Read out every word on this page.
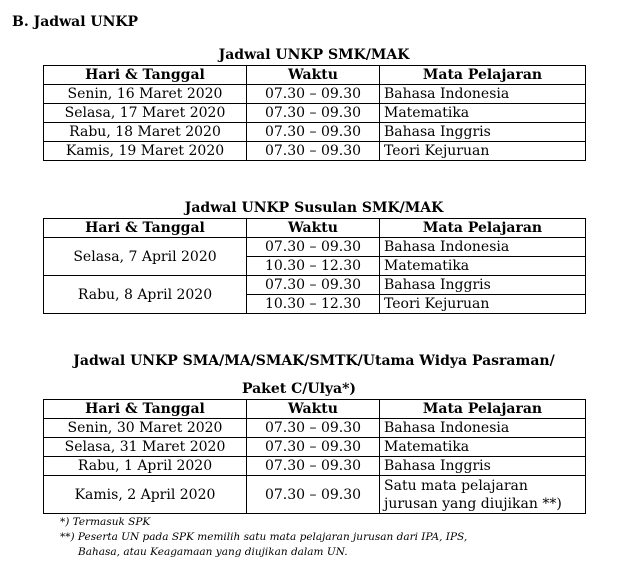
B. Jadwal UNKP
Jadwal UNKP SMK/MAK
Hari & Tanggal	Waktu	Mata Pelajaran
Senin, 16 Maret 2020	07.30 – 09.30	Bahasa Indonesia
Selasa, 17 Maret 2020	07.30 – 09.30	Matematika
Rabu, 18 Maret 2020	07.30 – 09.30	Bahasa Inggris
Kamis, 19 Maret 2020	07.30 – 09.30	Teori Kejuruan
Jadwal UNKP Susulan SMK/MAK
Hari & Tanggal	Waktu	Mata Pelajaran
Selasa, 7 April 2020	07.30 – 09.30	Bahasa Indonesia
	10.30 – 12.30	Matematika
Rabu, 8 April 2020	07.30 – 09.30	Bahasa Inggris
	10.30 – 12.30	Teori Kejuruan
Jadwal UNKP SMA/MA/SMAK/SMTK/Utama Widya Pasraman/
Paket C/Ulya*)
Hari & Tanggal	Waktu	Mata Pelajaran
Senin, 30 Maret 2020	07.30 – 09.30	Bahasa Indonesia
Selasa, 31 Maret 2020	07.30 – 09.30	Matematika
Rabu, 1 April 2020	07.30 – 09.30	Bahasa Inggris
Kamis, 2 April 2020	07.30 – 09.30	Satu mata pelajaran
jurusan yang diujikan **)
*) Termasuk SPK
**) Peserta UN pada SPK memilih satu mata pelajaran jurusan dari IPA, IPS,
Bahasa, atau Keagamaan yang diujikan dalam UN.
